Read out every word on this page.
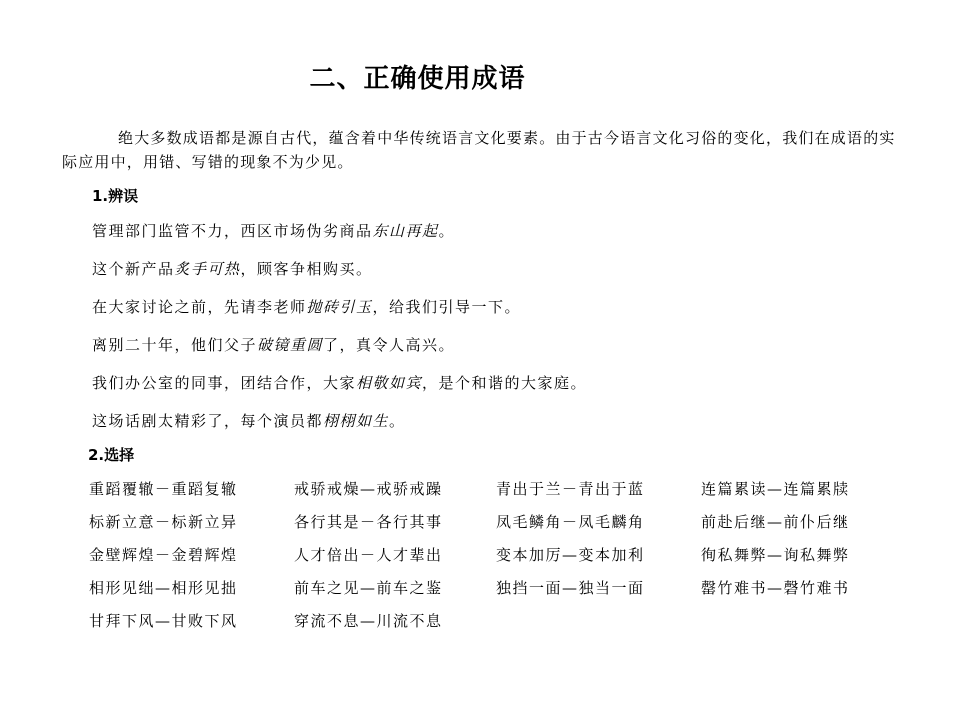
二、正确使用成语
绝大多数成语都是源自古代，蕴含着中华传统语言文化要素。由于古今语言文化习俗的变化，我们在成语的实际应用中，用错、写错的现象不为少见。
1.辨误
管理部门监管不力，西区市场伪劣商品东山再起。
这个新产品炙手可热，顾客争相购买。
在大家讨论之前，先请李老师抛砖引玉，给我们引导一下。
离别二十年，他们父子破镜重圆了，真令人高兴。
我们办公室的同事，团结合作，大家相敬如宾，是个和谐的大家庭。
这场话剧太精彩了，每个演员都栩栩如生。
2.选择
重蹈覆辙－重蹈复辙	戒骄戒燥—戒骄戒躁	青出于兰－青出于蓝	连篇累读—连篇累牍
标新立意－标新立异	各行其是－各行其事	凤毛鳞角－凤毛麟角	前赴后继—前仆后继
金壁辉煌－金碧辉煌	人才倍出－人才辈出	变本加厉—变本加利	徇私舞弊—询私舞弊
相形见绌—相形见拙	前车之见—前车之鉴	独挡一面—独当一面	罄竹难书—磬竹难书
甘拜下风—甘败下风	穿流不息—川流不息
